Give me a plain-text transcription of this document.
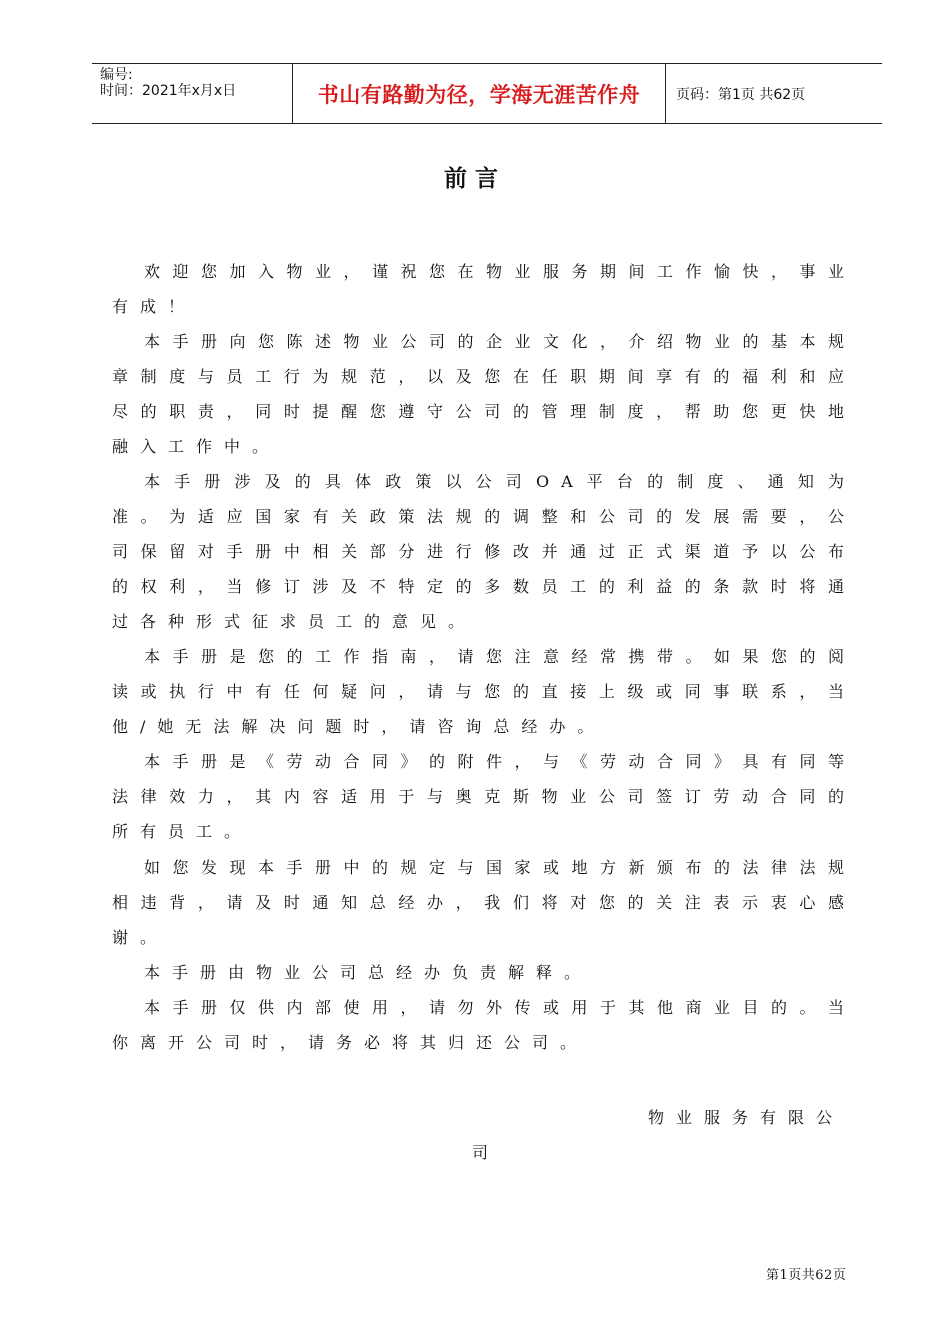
编号:
时间：2021年x月x日	书山有路勤为径，学海无涯苦作舟	页码：第1页 共62页
前言

欢迎您加入物业，谨祝您在物业服务期间工作愉快，事业有成！

本手册向您陈述物业公司的企业文化，介绍物业的基本规章制度与员工行为规范，以及您在任职期间享有的福利和应尽的职责，同时提醒您遵守公司的管理制度，帮助您更快地融入工作中。

本手册涉及的具体政策以公司OA平台的制度、通知为准。为适应国家有关政策法规的调整和公司的发展需要，公司保留对手册中相关部分进行修改并通过正式渠道予以公布的权利，当修订涉及不特定的多数员工的利益的条款时将通过各种形式征求员工的意见。

本手册是您的工作指南，请您注意经常携带。如果您的阅读或执行中有任何疑问，请与您的直接上级或同事联系，当他/她无法解决问题时，请咨询总经办。

本手册是《劳动合同》的附件，与《劳动合同》具有同等法律效力，其内容适用于与奥克斯物业公司签订劳动合同的所有员工。

如您发现本手册中的规定与国家或地方新颁布的法律法规相违背，请及时通知总经办，我们将对您的关注表示衷心感谢。

本手册由物业公司总经办负责解释。

本手册仅供内部使用，请勿外传或用于其他商业目的。当你离开公司时，请务必将其归还公司。

物业服务有限公
司
第1页共62页
